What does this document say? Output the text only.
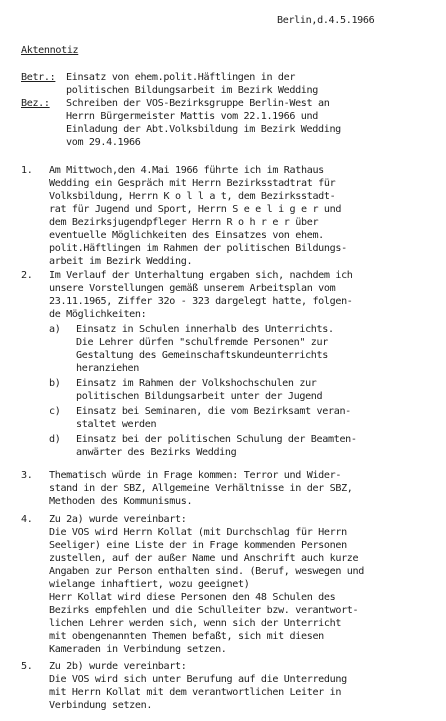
Berlin,d.4.5.1966
Aktennotiz
Betr.: Einsatz von ehem.polit.Häftlingen in der
politischen Bildungsarbeit im Bezirk Wedding
Bez.: Schreiben der VOS-Bezirksgruppe Berlin-West an
Herrn Bürgermeister Mattis vom 22.1.1966 und
Einladung der Abt.Volksbildung im Bezirk Wedding
vom 29.4.1966
1. Am Mittwoch,den 4.Mai 1966 führte ich im Rathaus
Wedding ein Gespräch mit Herrn Bezirksstadtrat für
Volksbildung, Herrn K o l l a t, dem Bezirksstadt-
rat für Jugend und Sport, Herrn S e e l i g e r und
dem Bezirksjugendpfleger Herrn R o h r e r über
eventuelle Möglichkeiten des Einsatzes von ehem.
polit.Häftlingen im Rahmen der politischen Bildungs-
arbeit im Bezirk Wedding.
2. Im Verlauf der Unterhaltung ergaben sich, nachdem ich
unsere Vorstellungen gemäß unserem Arbeitsplan vom
23.11.1965, Ziffer 32o - 323 dargelegt hatte, folgen-
de Möglichkeiten:
a) Einsatz in Schulen innerhalb des Unterrichts.
Die Lehrer dürfen "schulfremde Personen" zur
Gestaltung des Gemeinschaftskundeunterrichts
heranziehen
b) Einsatz im Rahmen der Volkshochschulen zur
politischen Bildungsarbeit unter der Jugend
c) Einsatz bei Seminaren, die vom Bezirksamt veran-
staltet werden
d) Einsatz bei der politischen Schulung der Beamten-
anwärter des Bezirks Wedding
3. Thematisch würde in Frage kommen: Terror und Wider-
stand in der SBZ, Allgemeine Verhältnisse in der SBZ,
Methoden des Kommunismus.
4. Zu 2a) wurde vereinbart:
Die VOS wird Herrn Kollat (mit Durchschlag für Herrn
Seeliger) eine Liste der in Frage kommenden Personen
zustellen, auf der außer Name und Anschrift auch kurze
Angaben zur Person enthalten sind. (Beruf, weswegen und
wielange inhaftiert, wozu geeignet)
Herr Kollat wird diese Personen den 48 Schulen des
Bezirks empfehlen und die Schulleiter bzw. verantwort-
lichen Lehrer werden sich, wenn sich der Unterricht
mit obengenannten Themen befaßt, sich mit diesen
Kameraden in Verbindung setzen.
5. Zu 2b) wurde vereinbart:
Die VOS wird sich unter Berufung auf die Unterredung
mit Herrn Kollat mit dem verantwortlichen Leiter in
Verbindung setzen.
